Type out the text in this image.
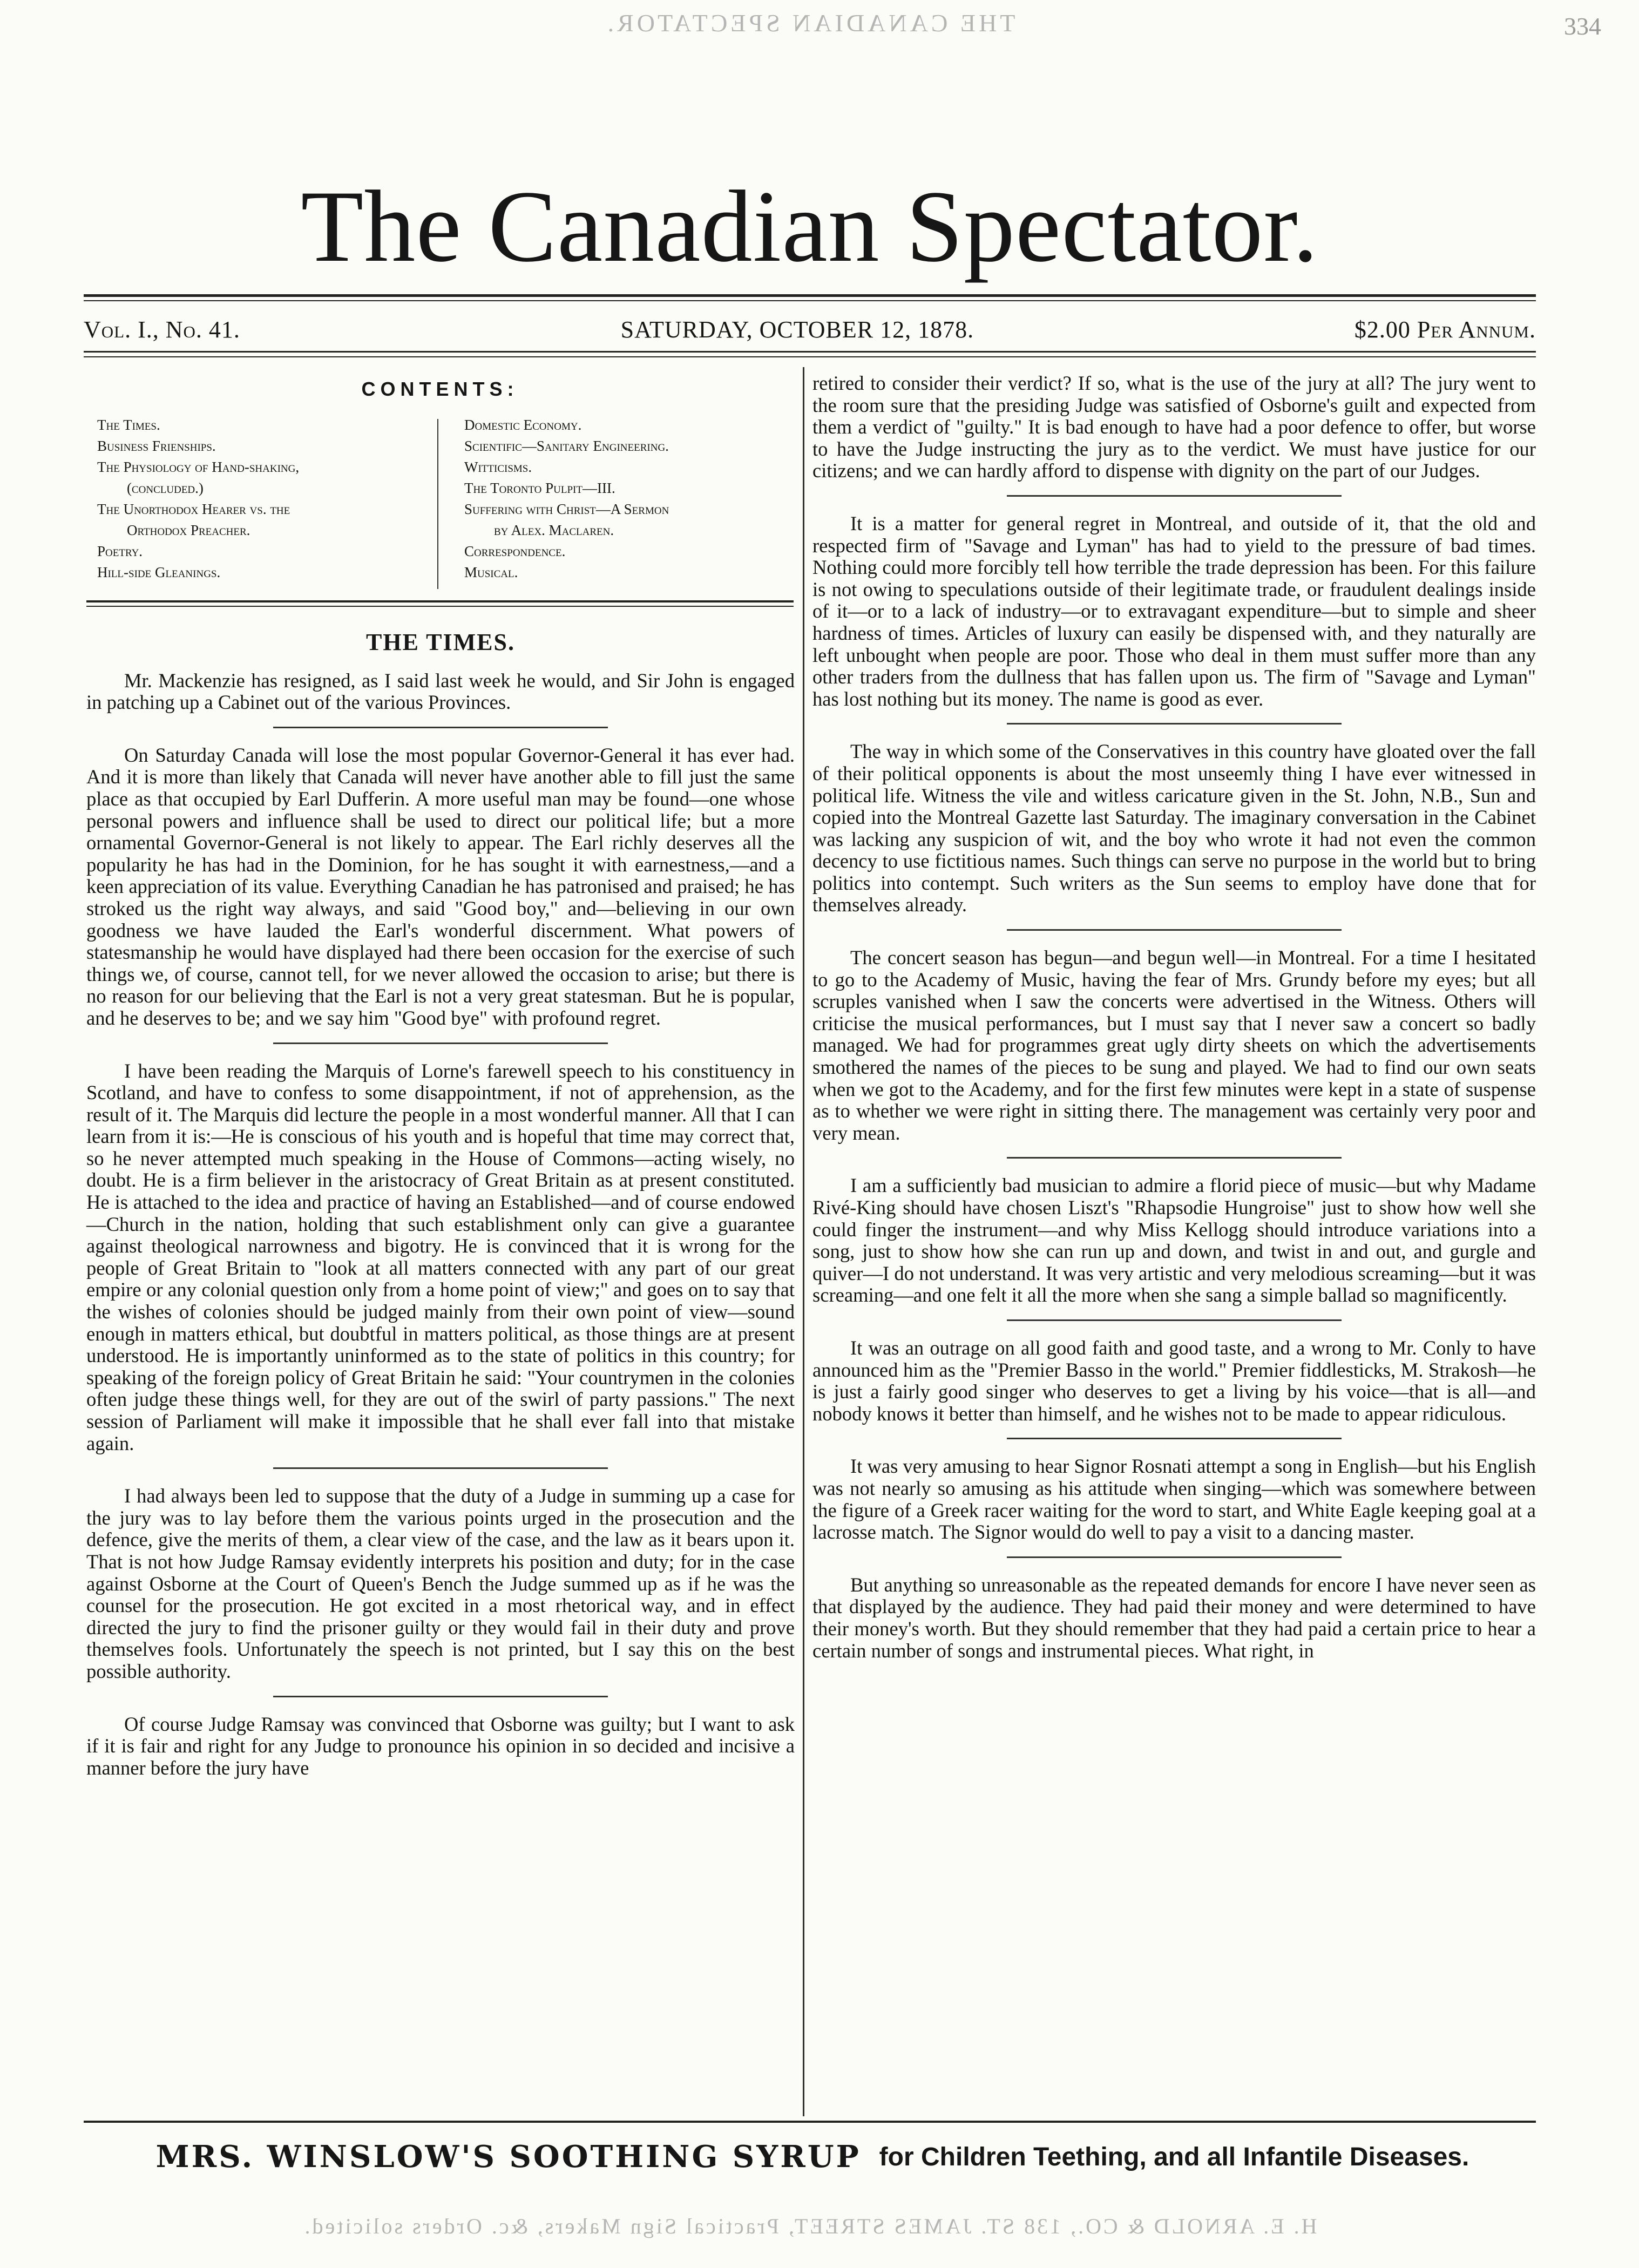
THE CANADIAN SPECTATOR.	334
The Canadian Spectator.
Vol. I., No. 41.	SATURDAY, OCTOBER 12, 1878.	$2.00 Per Annum.
CONTENTS:
The Times.
Business Frienships.
The Physiology of Hand-shaking,
(concluded.)
The Unorthodox Hearer vs. the
Orthodox Preacher.
Poetry.
Hill-side Gleanings.
Domestic Economy.
Scientific—Sanitary Engineering.
Witticisms.
The Toronto Pulpit—III.
Suffering with Christ—A Sermon
by Alex. Maclaren.
Correspondence.
Musical.
THE TIMES.

Mr. Mackenzie has resigned, as I said last week he would, and Sir John is engaged in patching up a Cabinet out of the various Provinces.

On Saturday Canada will lose the most popular Governor-General it has ever had. And it is more than likely that Canada will never have another able to fill just the same place as that occupied by Earl Dufferin. A more useful man may be found—one whose personal powers and influence shall be used to direct our political life; but a more ornamental Governor-General is not likely to appear. The Earl richly deserves all the popularity he has had in the Dominion, for he has sought it with earnestness,—and a keen appreciation of its value. Everything Canadian he has patronised and praised; he has stroked us the right way always, and said "Good boy," and—believing in our own goodness we have lauded the Earl's wonderful discernment. What powers of statesmanship he would have displayed had there been occasion for the exercise of such things we, of course, cannot tell, for we never allowed the occasion to arise; but there is no reason for our believing that the Earl is not a very great statesman. But he is popular, and he deserves to be; and we say him "Good bye" with profound regret.

I have been reading the Marquis of Lorne's farewell speech to his constituency in Scotland, and have to confess to some disappointment, if not of apprehension, as the result of it. The Marquis did lecture the people in a most wonderful manner. All that I can learn from it is:—He is conscious of his youth and is hopeful that time may correct that, so he never attempted much speaking in the House of Commons—acting wisely, no doubt. He is a firm believer in the aristocracy of Great Britain as at present constituted. He is attached to the idea and practice of having an Established—and of course endowed—Church in the nation, holding that such establishment only can give a guarantee against theological narrowness and bigotry. He is convinced that it is wrong for the people of Great Britain to "look at all matters connected with any part of our great empire or any colonial question only from a home point of view;" and goes on to say that the wishes of colonies should be judged mainly from their own point of view—sound enough in matters ethical, but doubtful in matters political, as those things are at present understood. He is importantly uninformed as to the state of politics in this country; for speaking of the foreign policy of Great Britain he said: "Your countrymen in the colonies often judge these things well, for they are out of the swirl of party passions." The next session of Parliament will make it impossible that he shall ever fall into that mistake again.

I had always been led to suppose that the duty of a Judge in summing up a case for the jury was to lay before them the various points urged in the prosecution and the defence, give the merits of them, a clear view of the case, and the law as it bears upon it. That is not how Judge Ramsay evidently interprets his position and duty; for in the case against Osborne at the Court of Queen's Bench the Judge summed up as if he was the counsel for the prosecution. He got excited in a most rhetorical way, and in effect directed the jury to find the prisoner guilty or they would fail in their duty and prove themselves fools. Unfortunately the speech is not printed, but I say this on the best possible authority.

Of course Judge Ramsay was convinced that Osborne was guilty; but I want to ask if it is fair and right for any Judge to pronounce his opinion in so decided and incisive a manner before the jury have

retired to consider their verdict? If so, what is the use of the jury at all? The jury went to the room sure that the presiding Judge was satisfied of Osborne's guilt and expected from them a verdict of "guilty." It is bad enough to have had a poor defence to offer, but worse to have the Judge instructing the jury as to the verdict. We must have justice for our citizens; and we can hardly afford to dispense with dignity on the part of our Judges.

It is a matter for general regret in Montreal, and outside of it, that the old and respected firm of "Savage and Lyman" has had to yield to the pressure of bad times. Nothing could more forcibly tell how terrible the trade depression has been. For this failure is not owing to speculations outside of their legitimate trade, or fraudulent dealings inside of it—or to a lack of industry—or to extravagant expenditure—but to simple and sheer hardness of times. Articles of luxury can easily be dispensed with, and they naturally are left unbought when people are poor. Those who deal in them must suffer more than any other traders from the dullness that has fallen upon us. The firm of "Savage and Lyman" has lost nothing but its money. The name is good as ever.

The way in which some of the Conservatives in this country have gloated over the fall of their political opponents is about the most unseemly thing I have ever witnessed in political life. Witness the vile and witless caricature given in the St. John, N.B., Sun and copied into the Montreal Gazette last Saturday. The imaginary conversation in the Cabinet was lacking any suspicion of wit, and the boy who wrote it had not even the common decency to use fictitious names. Such things can serve no purpose in the world but to bring politics into contempt. Such writers as the Sun seems to employ have done that for themselves already.

The concert season has begun—and begun well—in Montreal. For a time I hesitated to go to the Academy of Music, having the fear of Mrs. Grundy before my eyes; but all scruples vanished when I saw the concerts were advertised in the Witness. Others will criticise the musical performances, but I must say that I never saw a concert so badly managed. We had for programmes great ugly dirty sheets on which the advertisements smothered the names of the pieces to be sung and played. We had to find our own seats when we got to the Academy, and for the first few minutes were kept in a state of suspense as to whether we were right in sitting there. The management was certainly very poor and very mean.

I am a sufficiently bad musician to admire a florid piece of music—but why Madame Rivé-King should have chosen Liszt's "Rhapsodie Hungroise" just to show how well she could finger the instrument—and why Miss Kellogg should introduce variations into a song, just to show how she can run up and down, and twist in and out, and gurgle and quiver—I do not understand. It was very artistic and very melodious screaming—but it was screaming—and one felt it all the more when she sang a simple ballad so magnificently.

It was an outrage on all good faith and good taste, and a wrong to Mr. Conly to have announced him as the "Premier Basso in the world." Premier fiddlesticks, M. Strakosh—he is just a fairly good singer who deserves to get a living by his voice—that is all—and nobody knows it better than himself, and he wishes not to be made to appear ridiculous.

It was very amusing to hear Signor Rosnati attempt a song in English—but his English was not nearly so amusing as his attitude when singing—which was somewhere between the figure of a Greek racer waiting for the word to start, and White Eagle keeping goal at a lacrosse match. The Signor would do well to pay a visit to a dancing master.

But anything so unreasonable as the repeated demands for encore I have never seen as that displayed by the audience. They had paid their money and were determined to have their money's worth. But they should remember that they had paid a certain price to hear a certain number of songs and instrumental pieces. What right, in

MRS. WINSLOW'S SOOTHING SYRUP for Children Teething, and all Infantile Diseases.
H. E. ARNOLD & CO., 138 ST. JAMES STREET, Practical Sign Makers, &c. Orders solicited.
